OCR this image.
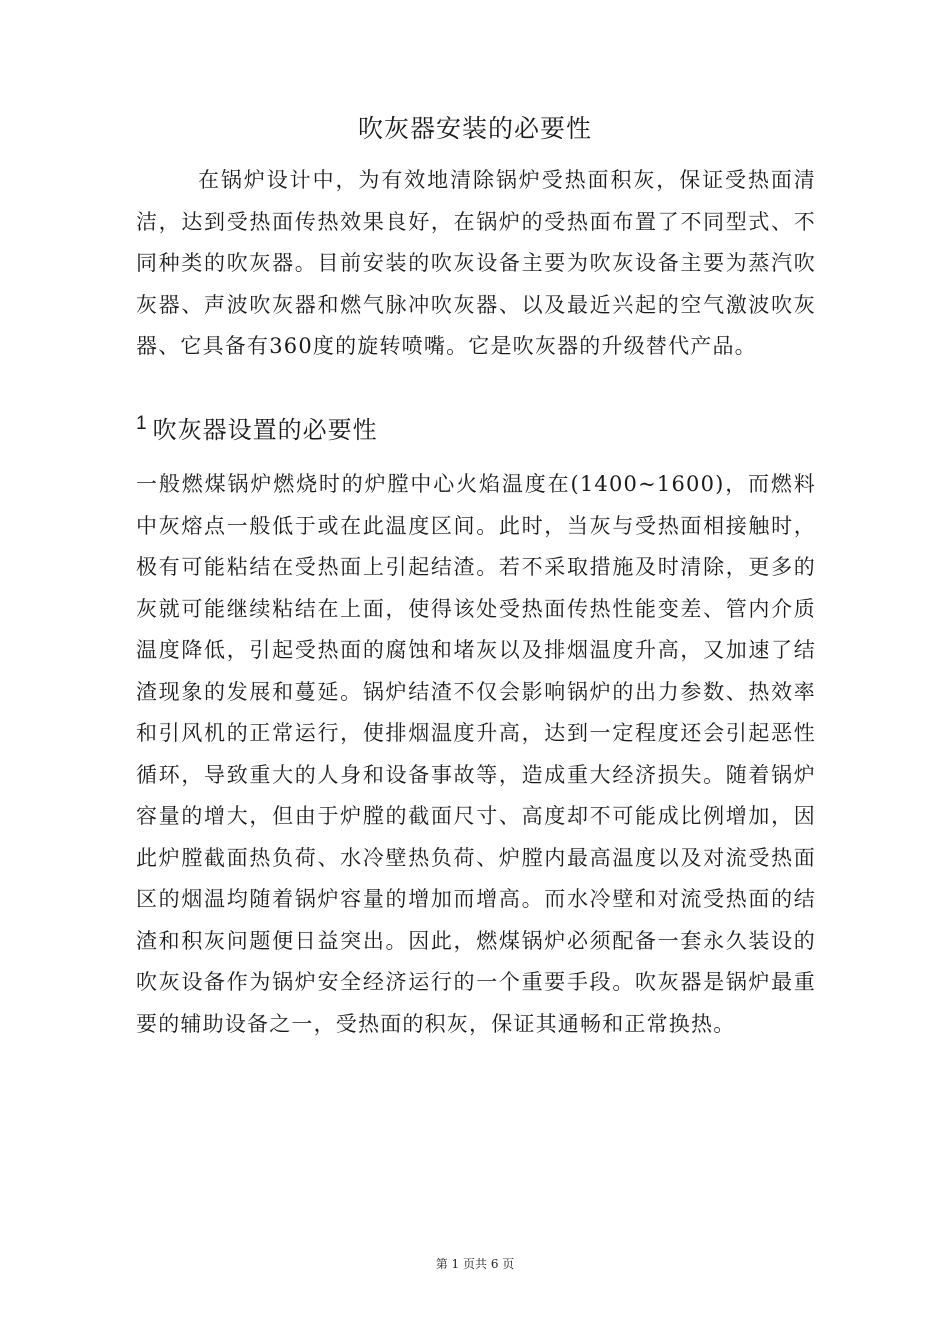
吹灰器安装的必要性

在锅炉设计中，为有效地清除锅炉受热面积灰，保证受热面清洁，达到受热面传热效果良好，在锅炉的受热面布置了不同型式、不同种类的吹灰器。目前安装的吹灰设备主要为吹灰设备主要为蒸汽吹灰器、声波吹灰器和燃气脉冲吹灰器、以及最近兴起的空气激波吹灰器、它具备有360度的旋转喷嘴。它是吹灰器的升级替代产品。

$^1$ 吹灰器设置的必要性

一般燃煤锅炉燃烧时的炉膛中心火焰温度在(1400~1600)，而燃料中灰熔点一般低于或在此温度区间。此时，当灰与受热面相接触时，极有可能粘结在受热面上引起结渣。若不采取措施及时清除，更多的灰就可能继续粘结在上面，使得该处受热面传热性能变差、管内介质温度降低，引起受热面的腐蚀和堵灰以及排烟温度升高，又加速了结渣现象的发展和蔓延。锅炉结渣不仅会影响锅炉的出力参数、热效率和引风机的正常运行，使排烟温度升高，达到一定程度还会引起恶性循环，导致重大的人身和设备事故等，造成重大经济损失。随着锅炉容量的增大，但由于炉膛的截面尺寸、高度却不可能成比例增加，因此炉膛截面热负荷、水冷壁热负荷、炉膛内最高温度以及对流受热面区的烟温均随着锅炉容量的增加而增高。而水冷壁和对流受热面的结渣和积灰问题便日益突出。因此，燃煤锅炉必须配备一套永久装设的吹灰设备作为锅炉安全经济运行的一个重要手段。吹灰器是锅炉最重要的辅助设备之一，受热面的积灰，保证其通畅和正常换热。

第 1 页共 6 页
